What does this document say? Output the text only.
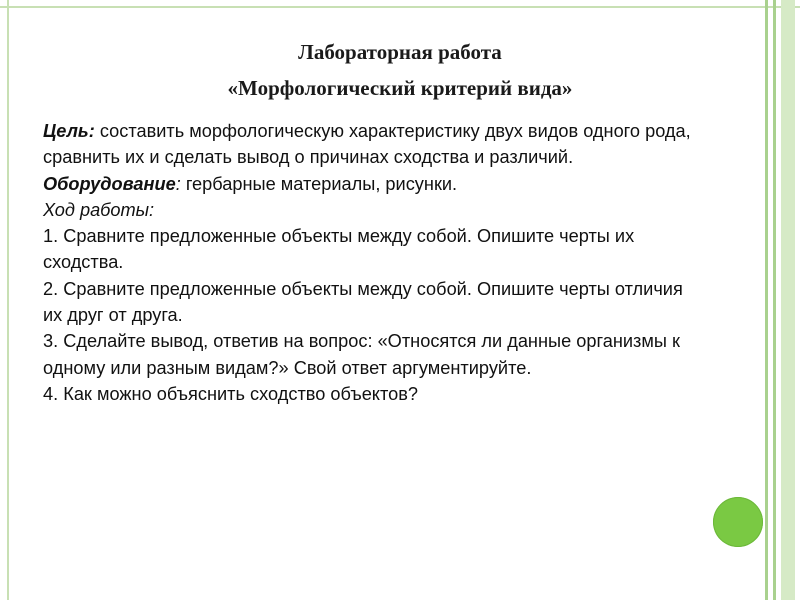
Лабораторная работа
«Морфологический критерий вида»

Цель: составить морфологическую характеристику двух видов одного рода, сравнить их и сделать вывод о причинах сходства и различий.

Оборудование: гербарные материалы, рисунки.

Ход работы:

1. Сравните предложенные объекты между собой. Опишите черты их сходства.

2. Сравните предложенные объекты между собой. Опишите черты отличия их друг от друга.

3. Сделайте вывод, ответив на вопрос: «Относятся ли данные организмы к одному или разным видам?» Свой ответ аргументируйте.

4. Как можно объяснить сходство объектов?
